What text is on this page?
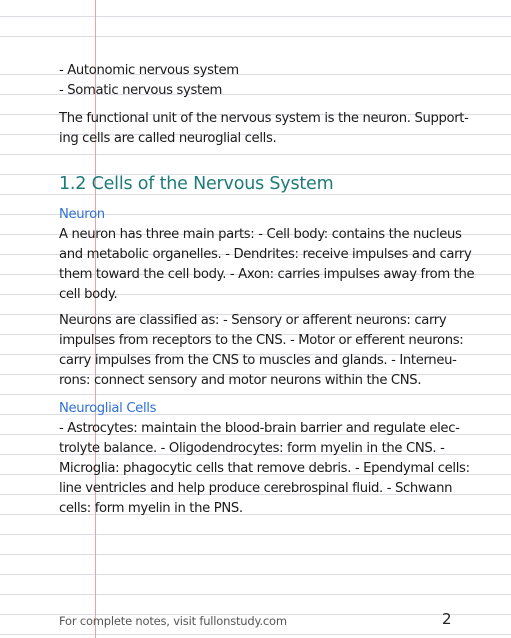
- Autonomic nervous system
- Somatic nervous system

The functional unit of the nervous system is the neuron. Support-
ing cells are called neuroglial cells.

1.2 Cells of the Nervous System
Neuron

A neuron has three main parts: - Cell body: contains the nucleus
and metabolic organelles. - Dendrites: receive impulses and carry
them toward the cell body. - Axon: carries impulses away from the
cell body.

Neurons are classified as: - Sensory or afferent neurons: carry
impulses from receptors to the CNS. - Motor or efferent neurons:
carry impulses from the CNS to muscles and glands. - Interneu-
rons: connect sensory and motor neurons within the CNS.

Neuroglial Cells

- Astrocytes: maintain the blood-brain barrier and regulate elec-
trolyte balance. - Oligodendrocytes: form myelin in the CNS. -
Microglia: phagocytic cells that remove debris. - Ependymal cells:
line ventricles and help produce cerebrospinal fluid. - Schwann
cells: form myelin in the PNS.

For complete notes, visit fullonstudy.com	2
